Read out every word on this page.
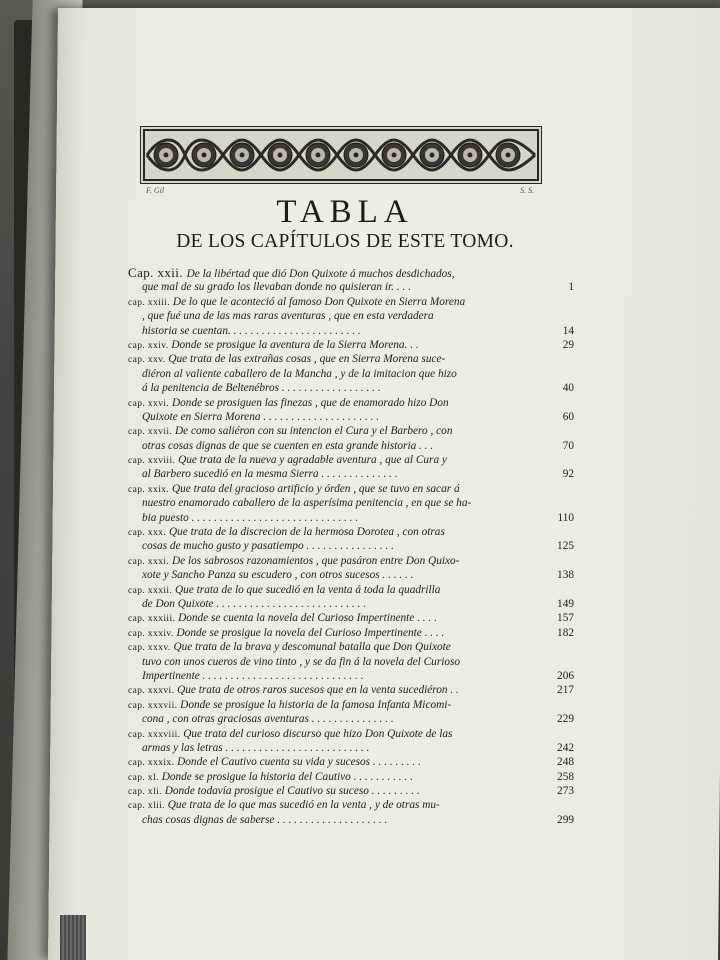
F. Gil	S. S.
TABLA
DE LOS CAPÍTULOS DE ESTE TOMO.
Cap. xxii. De la libértad que dió Don Quixote á muchos desdichados,
que mal de su grado los llevaban donde no quisieran ir. . . .	1
cap. xxiii. De lo que le aconteció al famoso Don Quixote en Sierra Morena
, que fué una de las mas raras aventuras , que en esta verdadera
historia se cuentan. . . . . . . . . . . . . . . . . . . . . . . .	14
cap. xxiv. Donde se prosigue la aventura de la Sierra Morena. . .	29
cap. xxv. Que trata de las extrañas cosas , que en Sierra Morena suce-
diéron al valiente caballero de la Mancha , y de la imitacion que hizo
á la penitencia de Beltenébros . . . . . . . . . . . . . . . . . .	40
cap. xxvi. Donde se prosiguen las finezas , que de enamorado hizo Don
Quixote en Sierra Morena . . . . . . . . . . . . . . . . . . . . .	60
cap. xxvii. De como saliéron con su intencion el Cura y el Barbero , con
otras cosas dignas de que se cuenten en esta grande historia . . .	70
cap. xxviii. Que trata de la nueva y agradable aventura , que al Cura y
al Barbero sucedió en la mesma Sierra . . . . . . . . . . . . . .	92
cap. xxix. Que trata del gracioso artificio y órden , que se tuvo en sacar á
nuestro enamorado caballero de la asperísima penitencia , en que se ha-
bia puesto . . . . . . . . . . . . . . . . . . . . . . . . . . . . . .	110
cap. xxx. Que trata de la discrecion de la hermosa Dorotea , con otras
cosas de mucho gusto y pasatiempo . . . . . . . . . . . . . . . .	125
cap. xxxi. De los sabrosos razonamientos , que pasáron entre Don Quixo-
xote y Sancho Panza su escudero , con otros sucesos . . . . . .	138
cap. xxxii. Que trata de lo que sucedió en la venta á toda la quadrilla
de Don Quixote . . . . . . . . . . . . . . . . . . . . . . . . . . .	149
cap. xxxiii. Donde se cuenta la novela del Curioso Impertinente . . . .	157
cap. xxxiv. Donde se prosigue la novela del Curioso Impertinente . . . .	182
cap. xxxv. Que trata de la brava y descomunal batalla que Don Quixote
tuvo con unos cueros de vino tinto , y se da fin á la novela del Curioso
Impertinente . . . . . . . . . . . . . . . . . . . . . . . . . . . . .	206
cap. xxxvi. Que trata de otros raros sucesos que en la venta sucediéron . .	217
cap. xxxvii. Donde se prosigue la historia de la famosa Infanta Micomi-
cona , con otras graciosas aventuras . . . . . . . . . . . . . . .	229
cap. xxxviii. Que trata del curioso discurso que hizo Don Quixote de las
armas y las letras . . . . . . . . . . . . . . . . . . . . . . . . . .	242
cap. xxxix. Donde el Cautivo cuenta su vida y sucesos . . . . . . . . .	248
cap. xl. Donde se prosigue la historia del Cautivo . . . . . . . . . . .	258
cap. xli. Donde todavía prosigue el Cautivo su suceso . . . . . . . . .	273
cap. xlii. Que trata de lo que mas sucedió en la venta , y de otras mu-
chas cosas dignas de saberse . . . . . . . . . . . . . . . . . . . .	299
